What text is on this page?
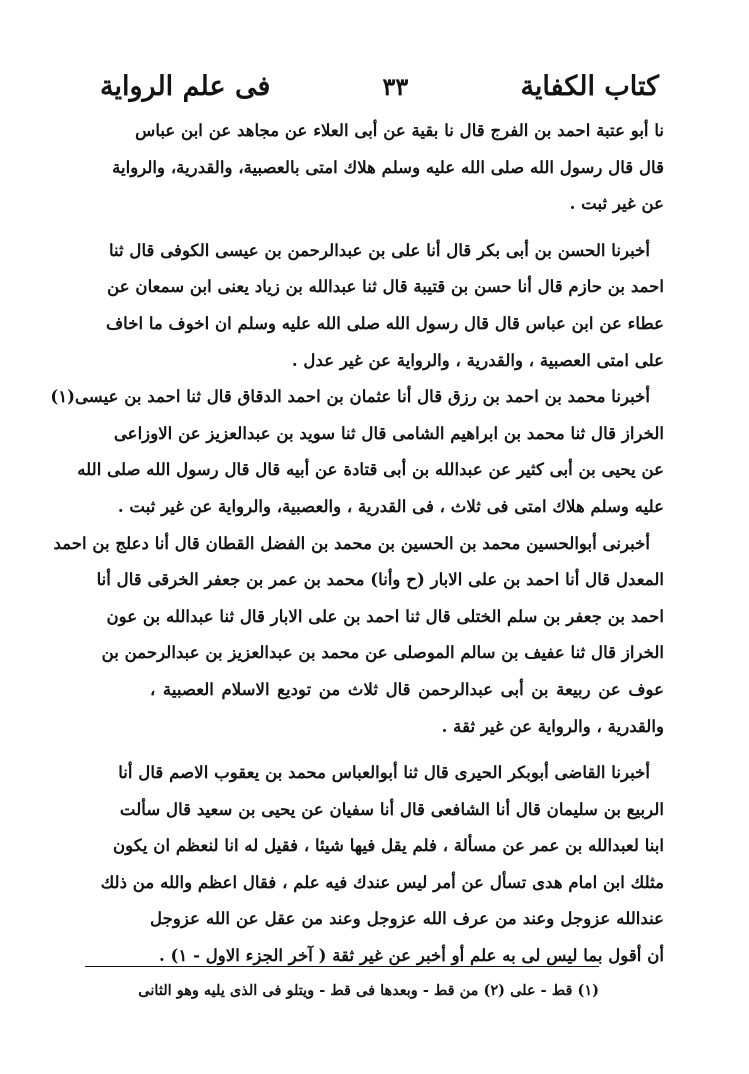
كتاب الكفاية
٣٣
فى علم الرواية
نا أبو عتبة احمد بن الفرج قال نا بقية عن أبى العلاء عن مجاهد عن ابن عباس
قال قال رسول الله صلى الله عليه وسلم هلاك امتى بالعصبية، والقدرية، والرواية
عن غير ثبت .
أخبرنا الحسن بن أبى بكر قال أنا على بن عبدالرحمن بن عيسى الكوفى قال ثنا
احمد بن حازم قال أنا حسن بن قتيبة قال ثنا عبدالله بن زياد يعنى ابن سمعان عن
عطاء عن ابن عباس قال قال رسول الله صلى الله عليه وسلم ان اخوف ما اخاف
على امتى العصبية ، والقدرية ، والرواية عن غير عدل .
أخبرنا محمد بن احمد بن رزق قال أنا عثمان بن احمد الدقاق قال ثنا احمد بن عيسى(١)
الخراز قال ثنا محمد بن ابراهيم الشامى قال ثنا سويد بن عبدالعزيز عن الاوزاعى
عن يحيى بن أبى كثير عن عبدالله بن أبى قتادة عن أبيه قال قال رسول الله صلى الله
عليه وسلم هلاك امتى فى ثلاث ، فى القدرية ، والعصبية، والرواية عن غير ثبت .
أخبرنى أبوالحسين محمد بن الحسين بن محمد بن الفضل القطان قال أنا دعلج بن احمد
المعدل قال أنا احمد بن على الابار (ح وأنا) محمد بن عمر بن جعفر الخرقى قال أنا
احمد بن جعفر بن سلم الختلى قال ثنا احمد بن على الابار قال ثنا عبدالله بن عون
الخراز قال ثنا عفيف بن سالم الموصلى عن محمد بن عبدالعزيز بن عبدالرحمن بن
عوف عن ربيعة بن أبى عبدالرحمن قال ثلاث من توديع الاسلام العصبية ،
والقدرية ، والرواية عن غير ثقة .
أخبرنا القاضى أبوبكر الحيرى قال ثنا أبوالعباس محمد بن يعقوب الاصم قال أنا
الربيع بن سليمان قال أنا الشافعى قال أنا سفيان عن يحيى بن سعيد قال سألت
ابنا لعبدالله بن عمر عن مسألة ، فلم يقل فيها شيئا ، فقيل له انا لنعظم ان يكون
مثلك ابن امام هدى تسأل عن أمر ليس عندك فيه علم ، فقال اعظم والله من ذلك
عندالله عزوجل وعند من عرف الله عزوجل وعند من عقل عن الله عزوجل
أن أقول بما ليس لى به علم أو أخبر عن غير ثقة ( آخر الجزء الاول - ١) .
(١) قط - على (٢) من قط - وبعدها فى قط - ويتلو فى الذى يليه وهو الثانى
